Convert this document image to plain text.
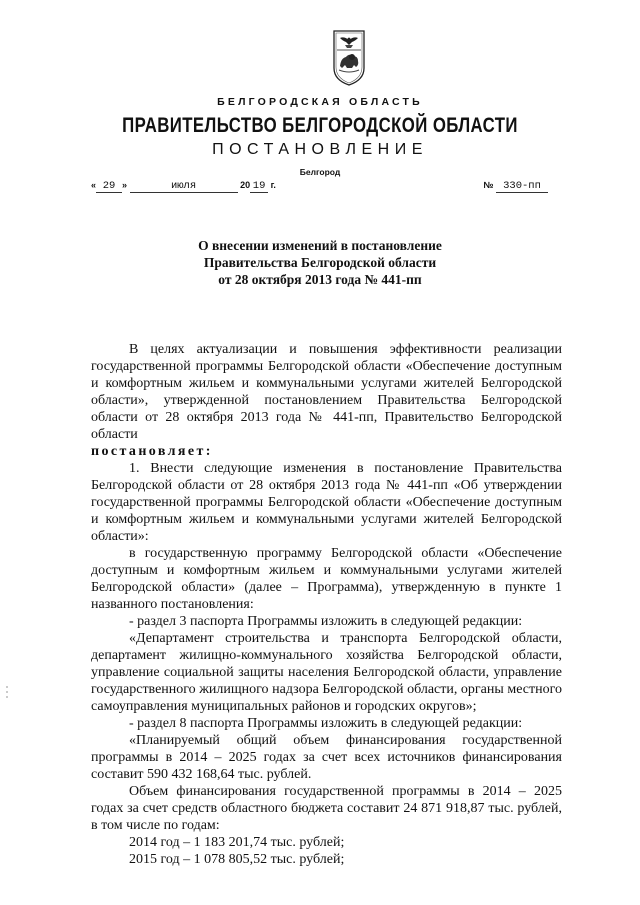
БЕЛГОРОДСКАЯ ОБЛАСТЬ
ПРАВИТЕЛЬСТВО БЕЛГОРОДСКОЙ ОБЛАСТИ
ПОСТАНОВЛЕНИЕ
Белгород
« 29 »	июля	20 19 г.	№ 330-пп
О внесении изменений в постановление
Правительства Белгородской области
от 28 октября 2013 года № 441-пп

В целях актуализации и повышения эффективности реализации государственной программы Белгородской области «Обеспечение доступным и комфортным жильем и коммунальными услугами жителей Белгородской области», утвержденной постановлением Правительства Белгородской области от 28 октября 2013 года № 441-пп, Правительство Белгородской области

постановляет:

1. Внести следующие изменения в постановление Правительства Белгородской области от 28 октября 2013 года № 441-пп «Об утверждении государственной программы Белгородской области «Обеспечение доступным и комфортным жильем и коммунальными услугами жителей Белгородской области»:

в государственную программу Белгородской области «Обеспечение доступным и комфортным жильем и коммунальными услугами жителей Белгородской области» (далее – Программа), утвержденную в пункте 1 названного постановления:

- раздел 3 паспорта Программы изложить в следующей редакции:

«Департамент строительства и транспорта Белгородской области, департамент жилищно-коммунального хозяйства Белгородской области, управление социальной защиты населения Белгородской области, управление государственного жилищного надзора Белгородской области, органы местного самоуправления муниципальных районов и городских округов»;

- раздел 8 паспорта Программы изложить в следующей редакции:

«Планируемый общий объем финансирования государственной программы в 2014 – 2025 годах за счет всех источников финансирования составит 590 432 168,64 тыс. рублей.

Объем финансирования государственной программы в 2014 – 2025 годах за счет средств областного бюджета составит 24 871 918,87 тыс. рублей, в том числе по годам:

2014 год – 1 183 201,74 тыс. рублей;

2015 год – 1 078 805,52 тыс. рублей;
